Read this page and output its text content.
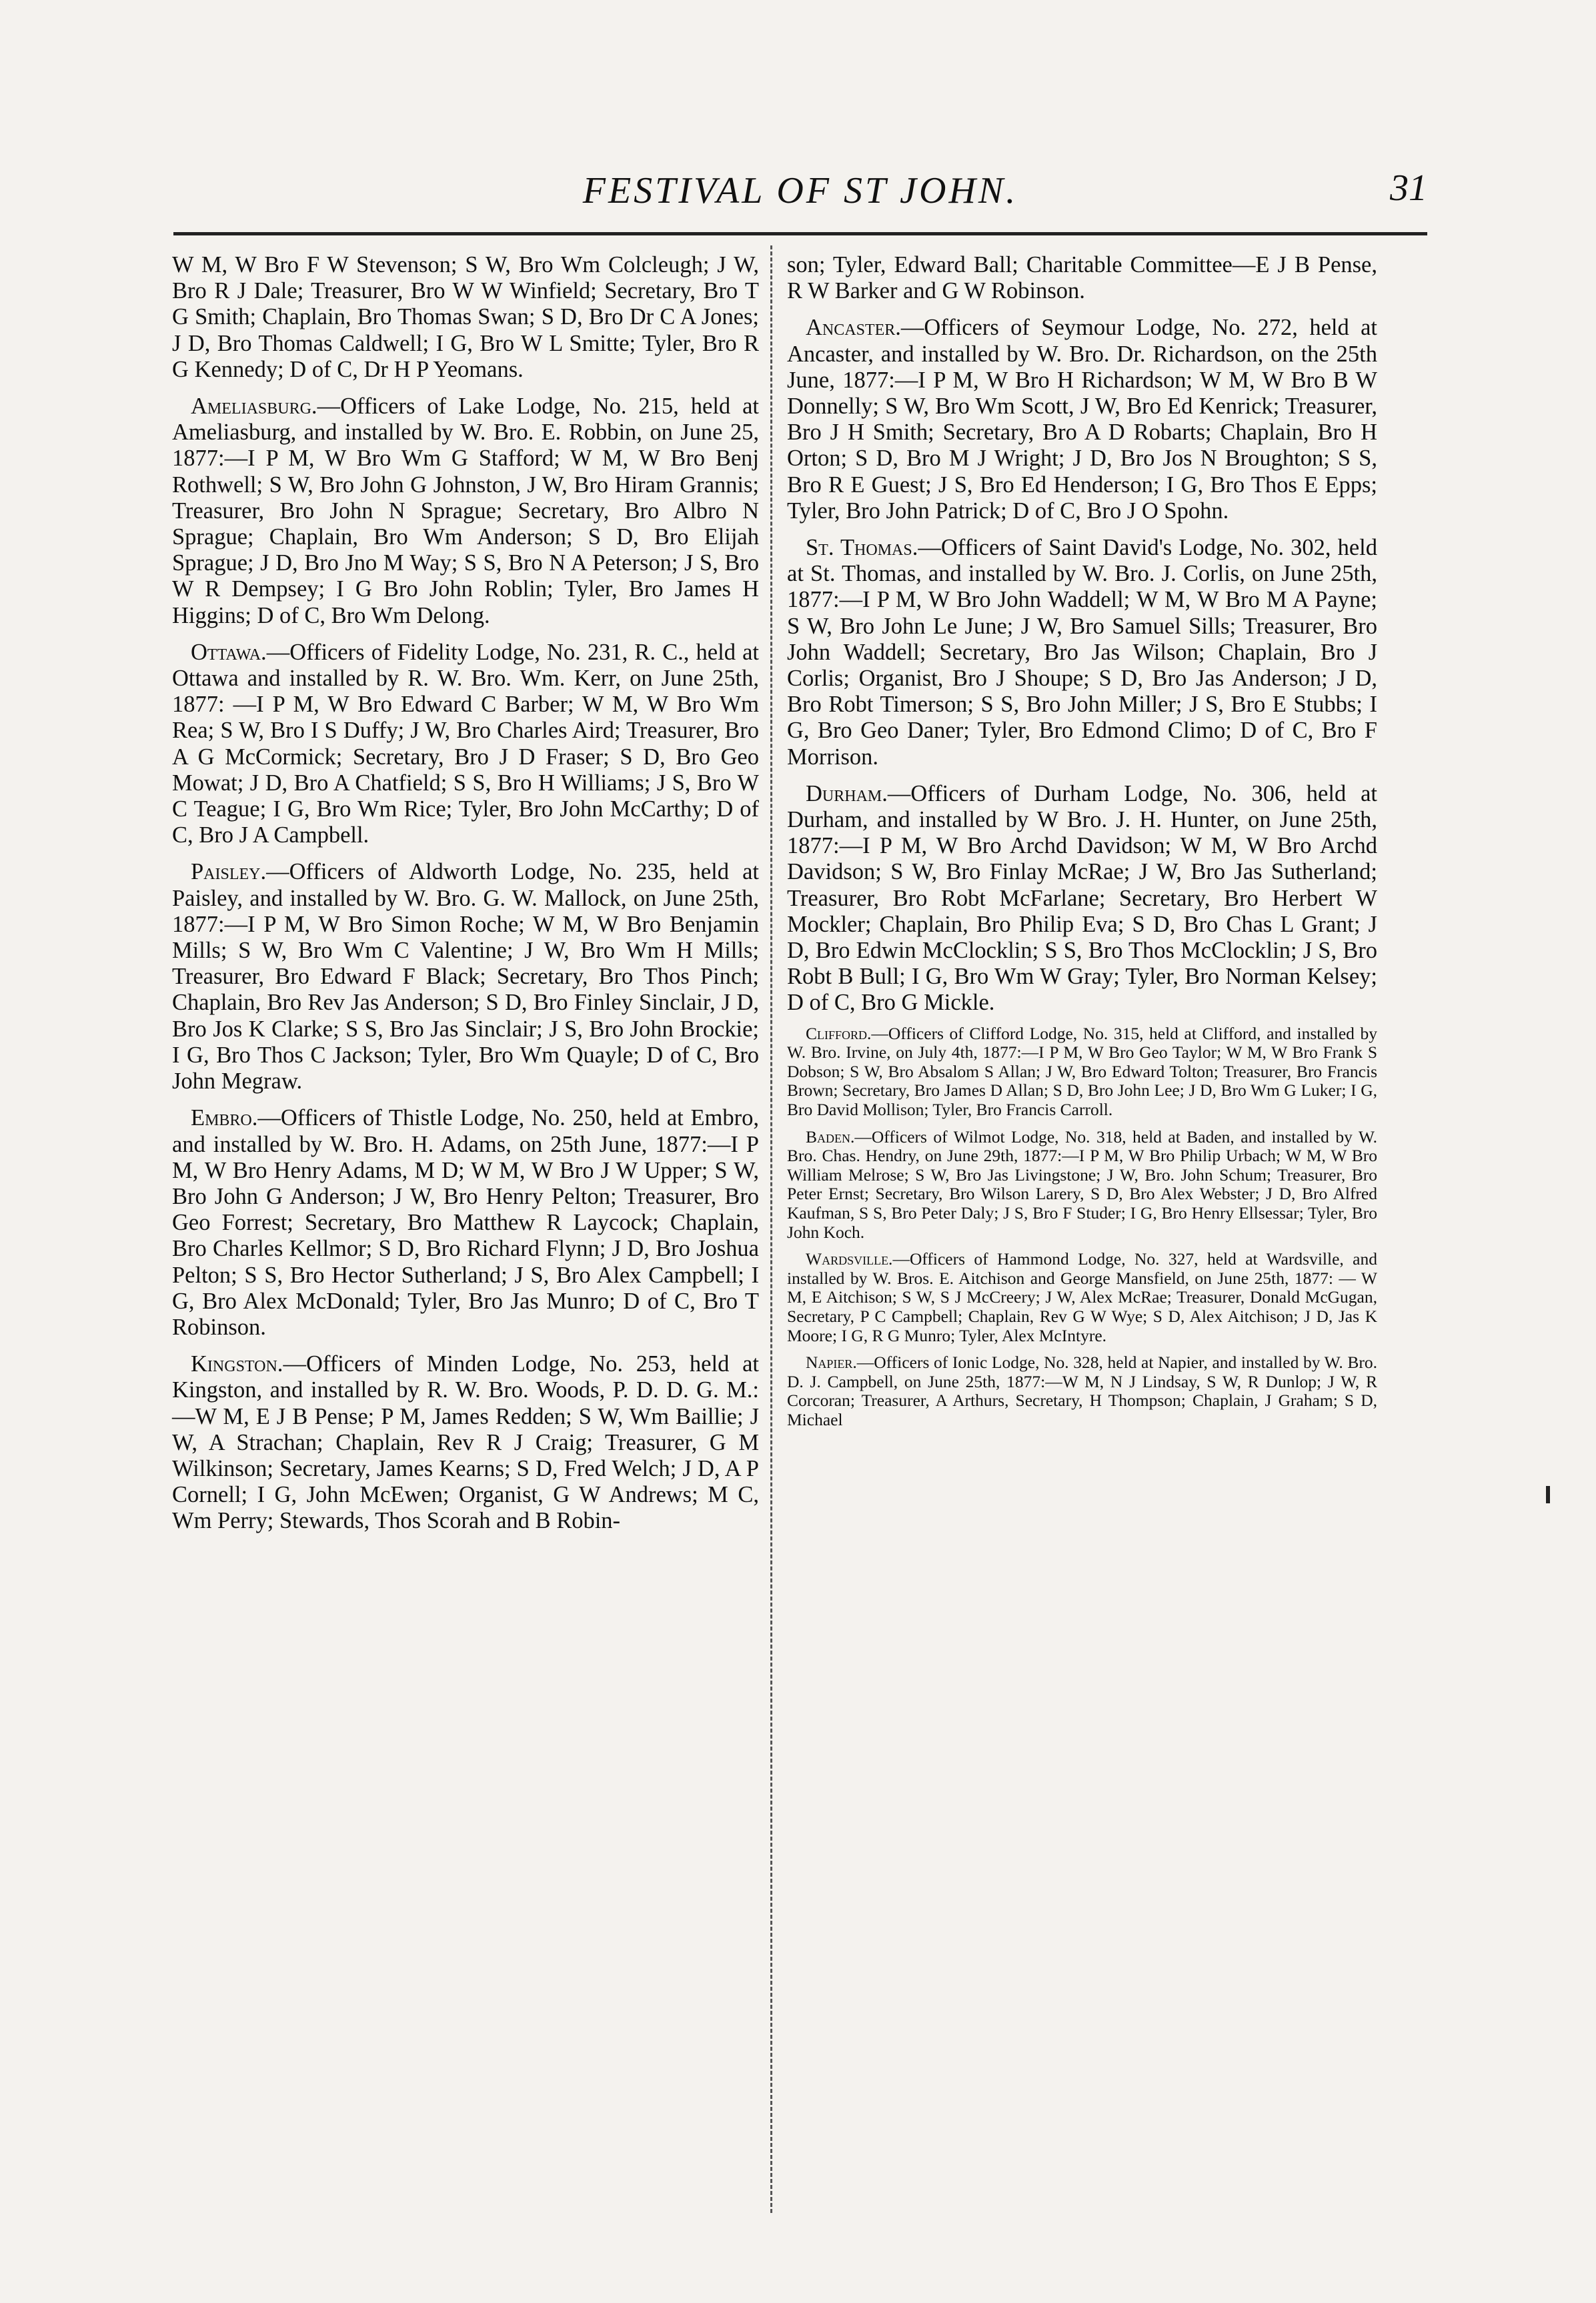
FESTIVAL OF ST JOHN.	31

W M, W Bro F W Stevenson; S W, Bro Wm Colcleugh; J W, Bro R J Dale; Treasurer, Bro W W Winfield; Secretary, Bro T G Smith; Chaplain, Bro Thomas Swan; S D, Bro Dr C A Jones; J D, Bro Thomas Caldwell; I G, Bro W L Smitte; Tyler, Bro R G Kennedy; D of C, Dr H P Yeomans.

Ameliasburg.—Officers of Lake Lodge, No. 215, held at Ameliasburg, and installed by W. Bro. E. Robbin, on June 25, 1877:—I P M, W Bro Wm G Stafford; W M, W Bro Benj Rothwell; S W, Bro John G Johnston, J W, Bro Hiram Grannis; Treasurer, Bro John N Sprague; Secretary, Bro Albro N Sprague; Chaplain, Bro Wm Anderson; S D, Bro Elijah Sprague; J D, Bro Jno M Way; S S, Bro N A Peterson; J S, Bro W R Dempsey; I G Bro John Roblin; Tyler, Bro James H Higgins; D of C, Bro Wm Delong.

Ottawa.—Officers of Fidelity Lodge, No. 231, R. C., held at Ottawa and installed by R. W. Bro. Wm. Kerr, on June 25th, 1877: —I P M, W Bro Edward C Barber; W M, W Bro Wm Rea; S W, Bro I S Duffy; J W, Bro Charles Aird; Treasurer, Bro A G McCormick; Secretary, Bro J D Fraser; S D, Bro Geo Mowat; J D, Bro A Chatfield; S S, Bro H Williams; J S, Bro W C Teague; I G, Bro Wm Rice; Tyler, Bro John McCarthy; D of C, Bro J A Campbell.

Paisley.—Officers of Aldworth Lodge, No. 235, held at Paisley, and installed by W. Bro. G. W. Mallock, on June 25th, 1877:—I P M, W Bro Simon Roche; W M, W Bro Benjamin Mills; S W, Bro Wm C Valentine; J W, Bro Wm H Mills; Treasurer, Bro Edward F Black; Secretary, Bro Thos Pinch; Chaplain, Bro Rev Jas Anderson; S D, Bro Finley Sinclair, J D, Bro Jos K Clarke; S S, Bro Jas Sinclair; J S, Bro John Brockie; I G, Bro Thos C Jackson; Tyler, Bro Wm Quayle; D of C, Bro John Megraw.

Embro.—Officers of Thistle Lodge, No. 250, held at Embro, and installed by W. Bro. H. Adams, on 25th June, 1877:—I P M, W Bro Henry Adams, M D; W M, W Bro J W Upper; S W, Bro John G Anderson; J W, Bro Henry Pelton; Treasurer, Bro Geo Forrest; Secretary, Bro Matthew R Laycock; Chaplain, Bro Charles Kellmor; S D, Bro Richard Flynn; J D, Bro Joshua Pelton; S S, Bro Hector Sutherland; J S, Bro Alex Campbell; I G, Bro Alex McDonald; Tyler, Bro Jas Munro; D of C, Bro T Robinson.

Kingston.—Officers of Minden Lodge, No. 253, held at Kingston, and installed by R. W. Bro. Woods, P. D. D. G. M.:—W M, E J B Pense; P M, James Redden; S W, Wm Baillie; J W, A Strachan; Chaplain, Rev R J Craig; Treasurer, G M Wilkinson; Secretary, James Kearns; S D, Fred Welch; J D, A P Cornell; I G, John McEwen; Organist, G W Andrews; M C, Wm Perry; Stewards, Thos Scorah and B Robin-

son; Tyler, Edward Ball; Charitable Committee—E J B Pense, R W Barker and G W Robinson.

Ancaster.—Officers of Seymour Lodge, No. 272, held at Ancaster, and installed by W. Bro. Dr. Richardson, on the 25th June, 1877:—I P M, W Bro H Richardson; W M, W Bro B W Donnelly; S W, Bro Wm Scott, J W, Bro Ed Kenrick; Treasurer, Bro J H Smith; Secretary, Bro A D Robarts; Chaplain, Bro H Orton; S D, Bro M J Wright; J D, Bro Jos N Broughton; S S, Bro R E Guest; J S, Bro Ed Henderson; I G, Bro Thos E Epps; Tyler, Bro John Patrick; D of C, Bro J O Spohn.

St. Thomas.—Officers of Saint David's Lodge, No. 302, held at St. Thomas, and installed by W. Bro. J. Corlis, on June 25th, 1877:—I P M, W Bro John Waddell; W M, W Bro M A Payne; S W, Bro John Le June; J W, Bro Samuel Sills; Treasurer, Bro John Waddell; Secretary, Bro Jas Wilson; Chaplain, Bro J Corlis; Organist, Bro J Shoupe; S D, Bro Jas Anderson; J D, Bro Robt Timerson; S S, Bro John Miller; J S, Bro E Stubbs; I G, Bro Geo Daner; Tyler, Bro Edmond Climo; D of C, Bro F Morrison.

Durham.—Officers of Durham Lodge, No. 306, held at Durham, and installed by W Bro. J. H. Hunter, on June 25th, 1877:—I P M, W Bro Archd Davidson; W M, W Bro Archd Davidson; S W, Bro Finlay McRae; J W, Bro Jas Sutherland; Treasurer, Bro Robt McFarlane; Secretary, Bro Herbert W Mockler; Chaplain, Bro Philip Eva; S D, Bro Chas L Grant; J D, Bro Edwin McClocklin; S S, Bro Thos McClocklin; J S, Bro Robt B Bull; I G, Bro Wm W Gray; Tyler, Bro Norman Kelsey; D of C, Bro G Mickle.

Clifford.—Officers of Clifford Lodge, No. 315, held at Clifford, and installed by W. Bro. Irvine, on July 4th, 1877:—I P M, W Bro Geo Taylor; W M, W Bro Frank S Dobson; S W, Bro Absalom S Allan; J W, Bro Edward Tolton; Treasurer, Bro Francis Brown; Secretary, Bro James D Allan; S D, Bro John Lee; J D, Bro Wm G Luker; I G, Bro David Mollison; Tyler, Bro Francis Carroll.

Baden.—Officers of Wilmot Lodge, No. 318, held at Baden, and installed by W. Bro. Chas. Hendry, on June 29th, 1877:—I P M, W Bro Philip Urbach; W M, W Bro William Melrose; S W, Bro Jas Livingstone; J W, Bro. John Schum; Treasurer, Bro Peter Ernst; Secretary, Bro Wilson Larery, S D, Bro Alex Webster; J D, Bro Alfred Kaufman, S S, Bro Peter Daly; J S, Bro F Studer; I G, Bro Henry Ellsessar; Tyler, Bro John Koch.

Wardsville.—Officers of Hammond Lodge, No. 327, held at Wardsville, and installed by W. Bros. E. Aitchison and George Mansfield, on June 25th, 1877: — W M, E Aitchison; S W, S J McCreery; J W, Alex McRae; Treasurer, Donald McGugan, Secretary, P C Campbell; Chaplain, Rev G W Wye; S D, Alex Aitchison; J D, Jas K Moore; I G, R G Munro; Tyler, Alex McIntyre.

Napier.—Officers of Ionic Lodge, No. 328, held at Napier, and installed by W. Bro. D. J. Campbell, on June 25th, 1877:—W M, N J Lindsay, S W, R Dunlop; J W, R Corcoran; Treasurer, A Arthurs, Secretary, H Thompson; Chaplain, J Graham; S D, Michael
